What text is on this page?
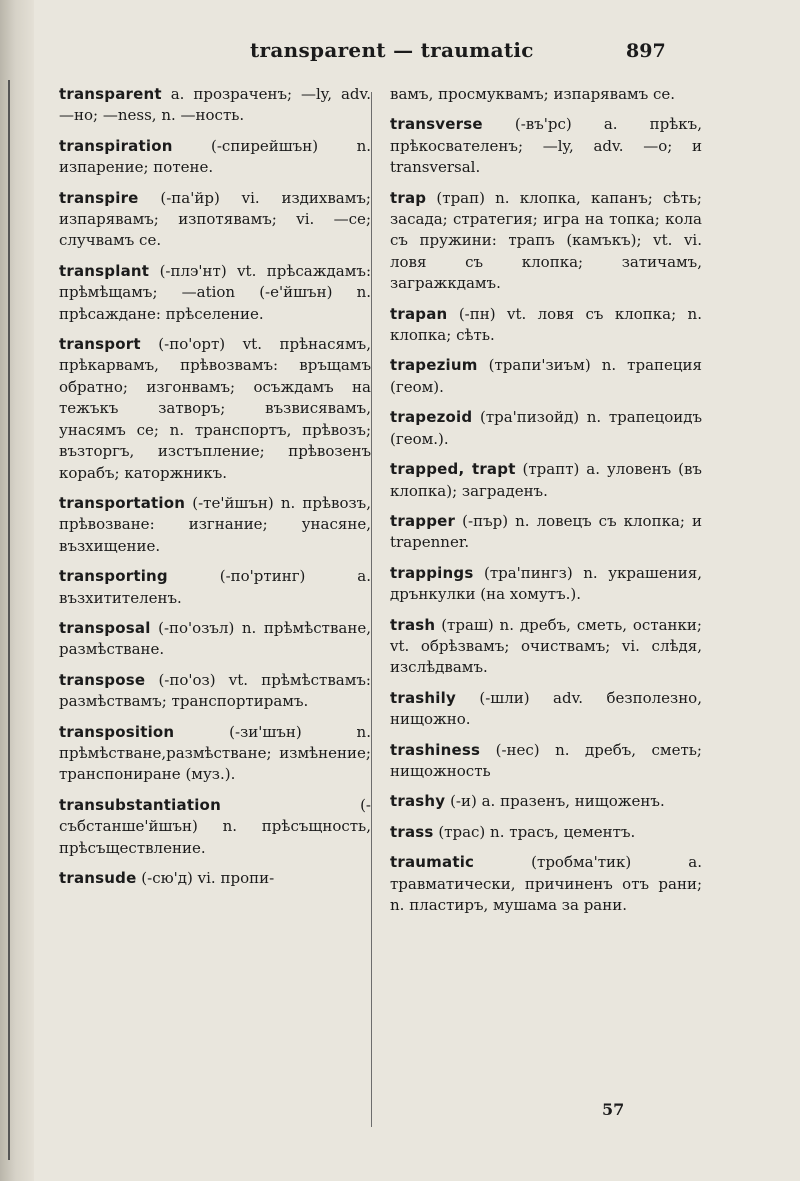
transparent — traumatic	897

transparent a. прозраченъ; —ly, adv. —но; —ness, n. —ность.

transpiration	(-спирейшън) n. изпарение; потене.

transpire (-па'йр) vi. издихвамъ; изпарявамъ; изпотявамъ; vi. —се; случвамъ се.

transplant (-плэ'нт) vt. прѣсаждамъ: прѣмѣщамъ; —ation (-е'йшън) n. прѣсаждане: прѣселение.

transport (-по'орт) vt. прѣнасямъ, прѣкарвамъ, прѣвозвамъ: връщамъ обратно; изгонвамъ; осъждамъ на тежъкъ затворъ; възвисявамъ, унасямъ се; n. транспортъ, прѣвозъ; възторгъ, изстъпление; прѣвозенъ корабъ; каторжникъ.

transportation (-те'йшън) n. прѣвозъ, прѣвозване: изгнание; унасяне, възхищение.

transporting	(-по'ртинг) a. възхитителенъ.

transposal (-по'озъл) n. прѣмѣстване, размѣстване.

transpose (-по'оз) vt. прѣмѣствамъ: размѣствамъ; транспортирамъ.

transposition	(-зи'шън) n. прѣмѣстване,размѣстване; измѣнение; транспониране (муз.).

transubstantiation	(-събстанше'йшън) n. прѣсъщность, прѣсъществление.

transude (-сю'д) vi. пропи-

вамъ, просмуквамъ; изпарявамъ се.

transverse (-въ'рс) a. прѣкъ, прѣкосвателенъ; —ly, adv. —о; и transversal.

trap (трап) n. клопка, капанъ; сѣть; засада; стратегия; игра на топка; кола съ пружини: трапъ (камъкъ); vt. vi. ловя съ клопка; затичамъ, загражкдамъ.

trapan (-пн) vt. ловя съ клопка; n. клопка; сѣть.

trapezium (трапи'зиъм) n. трапеция (геом).

trapezoid (тра'пизойд) n. трапецоидъ (геом.).

trapped, trapt (трапт) a. уловенъ (въ клопка); заграденъ.

trapper (-пър) n. ловецъ съ клопка; и trapenner.

trappings (тра'пингз) n. украшения, дрънкулки (на хомутъ.).

trash (траш) n. дребъ, сметь, останки; vt. обрѣзвамъ; очиствамъ; vi. слѣдя, изслѣдвамъ.

trashily (-шли) adv. безполезно, нищожно.

trashiness (-нес) n. дребъ, сметь; нищожность

trashy (-и) a. празенъ, нищоженъ.

trass (трас) n. трасъ, цементъ.

traumatic	(тробма'тик) a. травматически, причиненъ отъ рани; n. пластиръ, мушама за рани.

57
